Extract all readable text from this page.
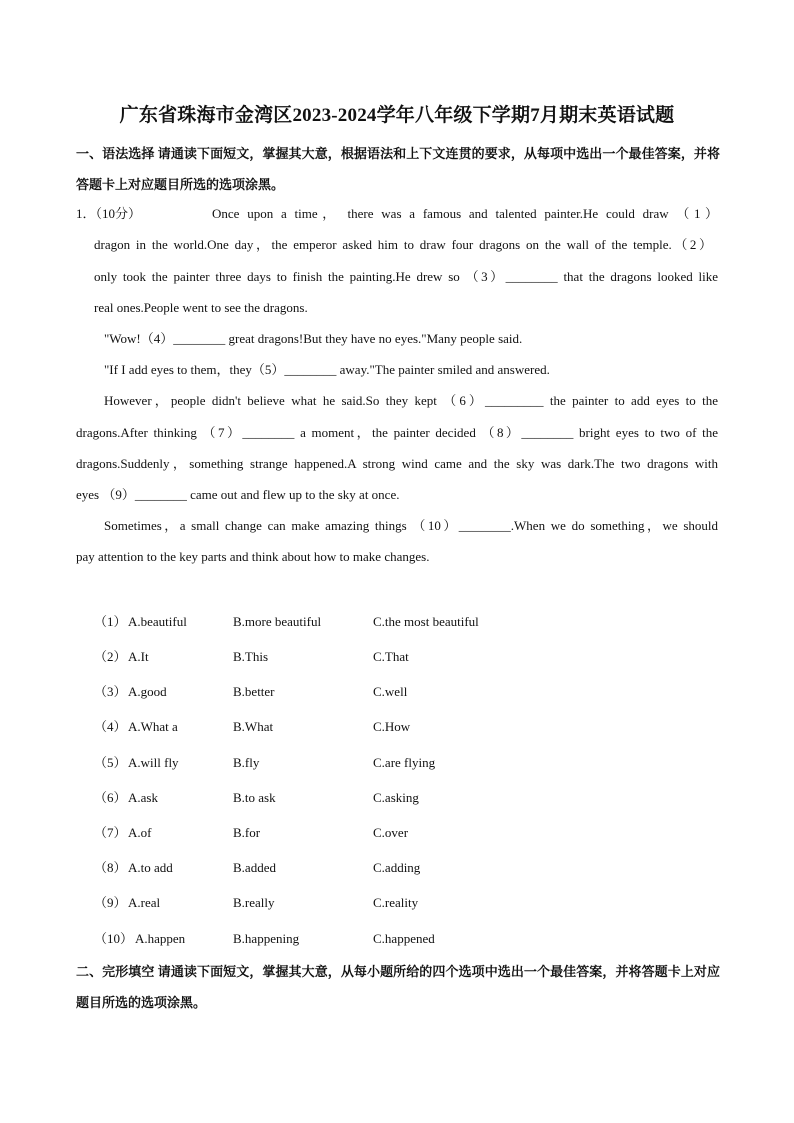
广东省珠海市金湾区2023-2024学年八年级下学期7月期末英语试题
一、语法选择 请通读下面短文，掌握其大意，根据语法和上下文连贯的要求，从每项中选出一个最佳答案，并将答题卡上对应题目所选的选项涂黑。
1．（10分）	Once upon a time， there was a famous and talented painter.He could draw （1）
dragon in the world.One day，the emperor asked him to draw four dragons on the wall of the temple.（2）
only took the painter three days to finish the painting.He drew so （3）________ that the dragons looked like
real ones.People went to see the dragons.
"Wow!（4）________ great dragons!But they have no eyes."Many people said.
"If I add eyes to them，they（5）________ away."The painter smiled and answered.
However，people didn't believe what he said.So they kept （6）_________ the painter to add eyes to the
dragons.After thinking （7）________ a moment，the painter decided （8）________ bright eyes to two of the
dragons.Suddenly，something strange happened.A strong wind came and the sky was dark.The two dragons with
eyes （9）________ came out and flew up to the sky at once.
Sometimes，a small change can make amazing things （10）________.When we do something，we should
pay attention to the key parts and think about how to make changes.
（1） A.beautiful	B.more beautiful	C.the most beautiful
（2） A.It	B.This	C.That
（3） A.good	B.better	C.well
（4） A.What a	B.What	C.How
（5） A.will fly	B.fly	C.are flying
（6） A.ask	B.to ask	C.asking
（7） A.of	B.for	C.over
（8） A.to add	B.added	C.adding
（9） A.real	B.really	C.reality
（10） A.happen	B.happening	C.happened
二、完形填空 请通读下面短文，掌握其大意，从每小题所给的四个选项中选出一个最佳答案，并将答题卡上对应题目所选的选项涂黑。
